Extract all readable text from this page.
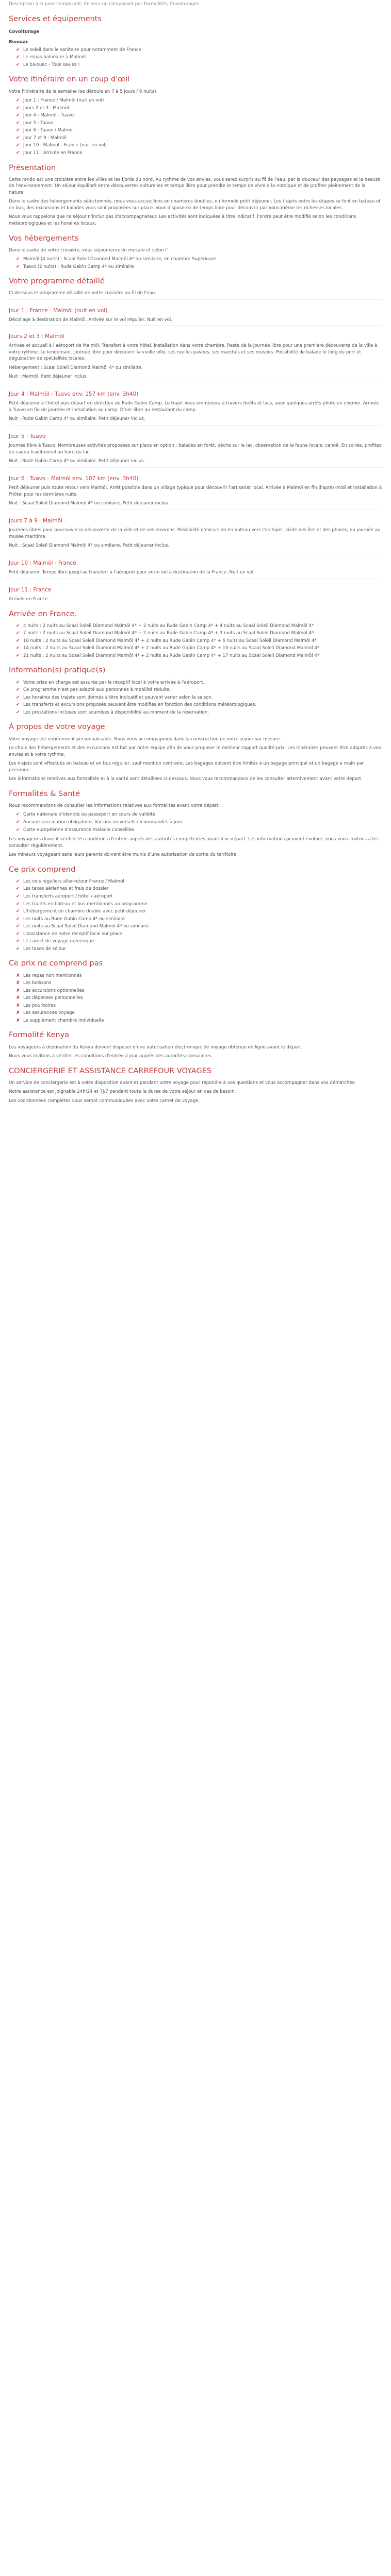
Description à la pure composant. Ce sera un composant pur Formalités, Covoiturages

Services et équipements
Covoiturage
Bivouac
✔ Le soleil dans le sanitaire pour notamment de France
✔ Le repas balnéaire à Malmöl
✔ Le bivouac - Tous saviez !
Votre itinéraire en un coup d'œil

Votre l'itinéraire de la semaine (se déroule en 7 à 5 jours / 8 nuits)

✔ Jour 1 : France / Malmöl (nuit en vol)
✔ Jours 2 et 3 : Malmöl
✔ Jour 4 : Malmöl - Tuavo
✔ Jour 5 : Tuavo
✔ Jour 6 : Tuavo / Malmöl
✔ Jour 7 et 9 : Malmöl
✔ Jour 10 : Malmöl - France (nuit en vol)
✔ Jour 11 : Arrivée en France
Présentation

Cette rando est une croisière entre les villes et les fjords du nord. Au rythme de vos envies, vous serez surpris au fil de l'eau, par la douceur des paysages et la beauté de l'environnement. Un séjour équilibré entre découvertes culturelles et temps libre pour prendre le temps de vivre à la nordique et de profiter pleinement de la nature.

Dans le cadre des hébergements sélectionnés, nous vous accueillons en chambres doubles, en formule petit déjeuner. Les trajets entre les étapes se font en bateau et en bus, des excursions et balades vous sont proposées sur place. Vous disposerez de temps libre pour découvrir par vous-même les richesses locales.

Nous vous rappelons que ce séjour n'inclut pas d'accompagnateur. Les activités sont indiquées à titre indicatif, l'ordre peut être modifié selon les conditions météorologiques et les horaires locaux.

Vos hébergements

Dans le cadre de votre croisière, vous séjournerez en mesure et selon l'

✔ Malmöl (4 nuits) : Scaal Soleil Diamond Malmöl 4* ou similaire, en chambre Supérieure
✔ Tuavo (2 nuits) : Rude Gabin Camp 4* ou similaire
Votre programme détaillé

Ci-dessous le programme détaillé de votre croisière au fil de l'eau.

Jour 1 : France - Malmöl (nuit en vol)

Décollage à destination de Malmöl. Arrivée sur le vol régulier. Nuit en vol.

Jours 2 et 3 : Malmöl

Arrivée et accueil à l'aéroport de Malmöl. Transfert à votre hôtel. Installation dans votre chambre. Reste de la journée libre pour une première découverte de la ville à votre rythme. Le lendemain, journée libre pour découvrir la vieille ville, ses ruelles pavées, ses marchés et ses musées. Possibilité de balade le long du port et dégustation de spécialités locales.

Hébergement : Scaal Soleil Diamond Malmöl 4* ou similaire.

Nuit : Malmöl. Petit déjeuner inclus.

Jour 4 : Malmöl - Tuavo env. 157 km (env. 3h40)

Petit déjeuner à l'hôtel puis départ en direction de Rude Gabin Camp. Le trajet vous emmènera à travers forêts et lacs, avec quelques arrêts photo en chemin. Arrivée à Tuavo en fin de journée et installation au camp. Dîner libre au restaurant du camp.

Nuit : Rude Gabin Camp 4* ou similaire. Petit déjeuner inclus.

Jour 5 : Tuavo

Journée libre à Tuavo. Nombreuses activités proposées sur place en option : balades en forêt, pêche sur le lac, observation de la faune locale, canoë. En soirée, profitez du sauna traditionnel au bord du lac.

Nuit : Rude Gabin Camp 4* ou similaire. Petit déjeuner inclus.

Jour 6 : Tuavo - Malmöl env. 107 km (env. 3h40)

Petit déjeuner puis route retour vers Malmöl. Arrêt possible dans un village typique pour découvrir l'artisanat local. Arrivée à Malmöl en fin d'après-midi et installation à l'hôtel pour les dernières nuits.

Nuit : Scaal Soleil Diamond Malmöl 4* ou similaire. Petit déjeuner inclus.

Jours 7 à 9 : Malmöl

Journées libres pour poursuivre la découverte de la ville et de ses environs. Possibilité d'excursion en bateau vers l'archipel, visite des îles et des phares, ou journée au musée maritime.

Nuit : Scaal Soleil Diamond Malmöl 4* ou similaire. Petit déjeuner inclus.

Jour 10 : Malmöl - France

Petit déjeuner. Temps libre jusqu'au transfert à l'aéroport pour votre vol à destination de la France. Nuit en vol.

Jour 11 : France

Arrivée en France.

Arrivée en France.
✔ 4 nuits : 2 nuits au Scaal Soleil Diamond Malmöl 4* + 2 nuits au Rude Gabin Camp 4* + 4 nuits au Scaal Soleil Diamond Malmöl 4*
✔ 7 nuits : 2 nuits au Scaal Soleil Diamond Malmöl 4* + 2 nuits au Rude Gabin Camp 4* + 3 nuits au Scaal Soleil Diamond Malmöl 4*
✔ 10 nuits : 2 nuits au Scaal Soleil Diamond Malmöl 4* + 2 nuits au Rude Gabin Camp 4* + 6 nuits au Scaal Soleil Diamond Malmöl 4*
✔ 14 nuits : 2 nuits au Scaal Soleil Diamond Malmöl 4* + 2 nuits au Rude Gabin Camp 4* + 10 nuits au Scaal Soleil Diamond Malmöl 4*
✔ 21 nuits : 2 nuits au Scaal Soleil Diamond Malmöl 4* + 2 nuits au Rude Gabin Camp 4* + 17 nuits au Scaal Soleil Diamond Malmöl 4*
Information(s) pratique(s)
✔ Votre prise en charge est assurée par le réceptif local à votre arrivée à l'aéroport.
✔ Ce programme n'est pas adapté aux personnes à mobilité réduite.
✔ Les horaires des trajets sont donnés à titre indicatif et peuvent varier selon la saison.
✔ Les transferts et excursions proposés peuvent être modifiés en fonction des conditions météorologiques.
✔ Les prestations incluses sont soumises à disponibilité au moment de la réservation.
À propos de votre voyage

Votre voyage est entièrement personnalisable. Nous vous accompagnons dans la construction de votre séjour sur mesure.

Le choix des hébergements et des excursions est fait par notre équipe afin de vous proposer le meilleur rapport qualité-prix. Les itinéraires peuvent être adaptés à vos envies et à votre rythme.

Les trajets sont effectués en bateau et en bus régulier, sauf mention contraire. Les bagages doivent être limités à un bagage principal et un bagage à main par personne.

Les informations relatives aux formalités et à la santé sont détaillées ci-dessous. Nous vous recommandons de les consulter attentivement avant votre départ.

Formalités & Santé

Nous recommandons de consulter les informations relatives aux formalités avant votre départ.

✔ Carte nationale d'identité ou passeport en cours de validité.
✔ Aucune vaccination obligatoire. Vaccins universels recommandés à jour.
✔ Carte européenne d'assurance maladie conseillée.

Les voyageurs doivent vérifier les conditions d'entrée auprès des autorités compétentes avant leur départ. Les informations peuvent évoluer, nous vous invitons à les consulter régulièrement.

Les mineurs voyageant sans leurs parents doivent être munis d'une autorisation de sortie du territoire.

Ce prix comprend
✔ Les vols réguliers aller-retour France / Malmöl
✔ Les taxes aériennes et frais de dossier
✔ Les transferts aéroport / hôtel / aéroport
✔ Les trajets en bateau et bus mentionnés au programme
✔ L'hébergement en chambre double avec petit déjeuner
✔ Les nuits au Rude Gabin Camp 4* ou similaire
✔ Les nuits au Scaal Soleil Diamond Malmöl 4* ou similaire
✔ L'assistance de notre réceptif local sur place
✔ Le carnet de voyage numérique
✔ Les taxes de séjour
Ce prix ne comprend pas
✘ Les repas non mentionnés
✘ Les boissons
✘ Les excursions optionnelles
✘ Les dépenses personnelles
✘ Les pourboires
✘ Les assurances voyage
✘ Le supplément chambre individuelle
Formalité Kenya

Les voyageurs à destination du Kenya doivent disposer d'une autorisation électronique de voyage obtenue en ligne avant le départ.

Nous vous invitons à vérifier les conditions d'entrée à jour auprès des autorités consulaires.

CONCIERGERIE ET ASSISTANCE CARREFOUR VOYAGES

Un service de conciergerie est à votre disposition avant et pendant votre voyage pour répondre à vos questions et vous accompagner dans vos démarches.

Notre assistance est joignable 24h/24 et 7j/7 pendant toute la durée de votre séjour en cas de besoin.

Les coordonnées complètes vous seront communiquées avec votre carnet de voyage.
